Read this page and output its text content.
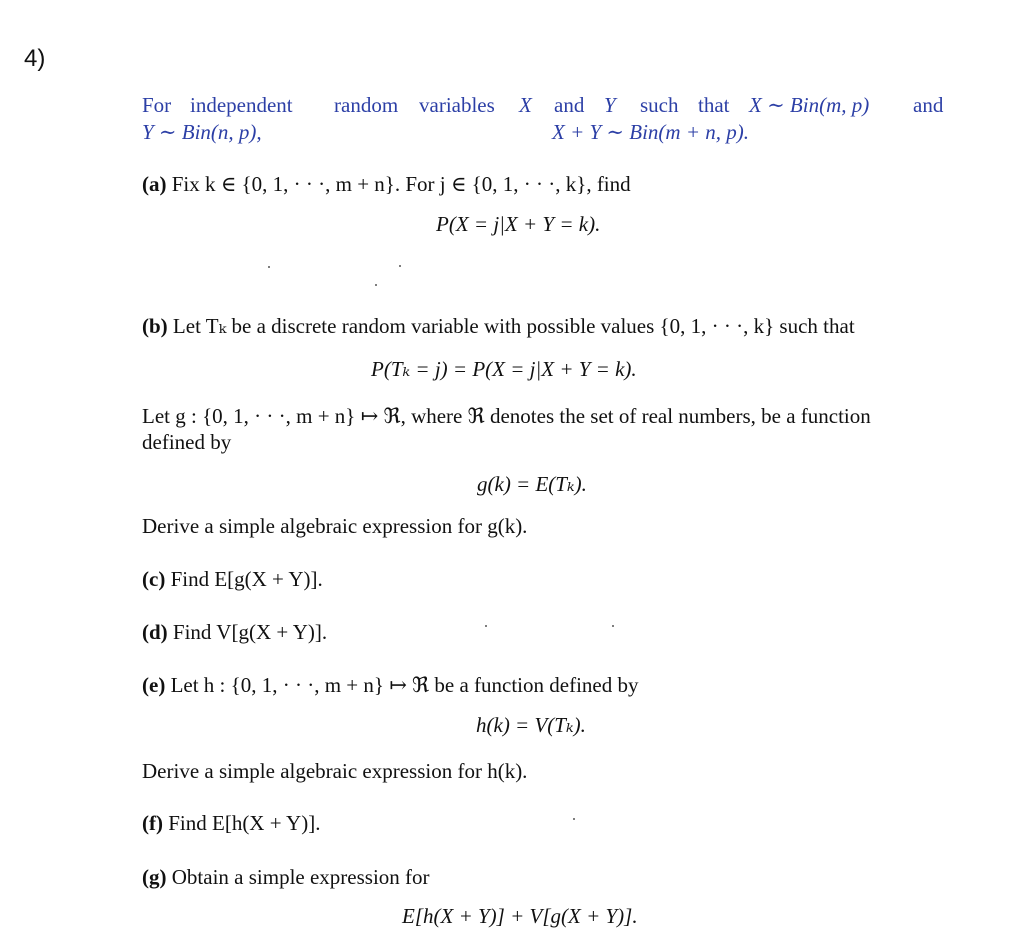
4)
For independent random variables X and Y such that X ∼ Bin(m, p) and
Y ∼ Bin(n, p),	X + Y ∼ Bin(m + n, p).
(a) Fix k ∈ {0, 1, · · ·, m + n}. For j ∈ {0, 1, · · ·, k}, find
P(X = j|X + Y = k).
(b) Let Tₖ be a discrete random variable with possible values {0, 1, · · ·, k} such that
P(Tₖ = j) = P(X = j|X + Y = k).
Let g : {0, 1, · · ·, m + n} ↦ ℜ, where ℜ denotes the set of real numbers, be a function
defined by
g(k) = E(Tₖ).
Derive a simple algebraic expression for g(k).
(c) Find E[g(X + Y)].
(d) Find V[g(X + Y)].
(e) Let h : {0, 1, · · ·, m + n} ↦ ℜ be a function defined by
h(k) = V(Tₖ).
Derive a simple algebraic expression for h(k).
(f) Find E[h(X + Y)].
(g) Obtain a simple expression for
E[h(X + Y)] + V[g(X + Y)].
